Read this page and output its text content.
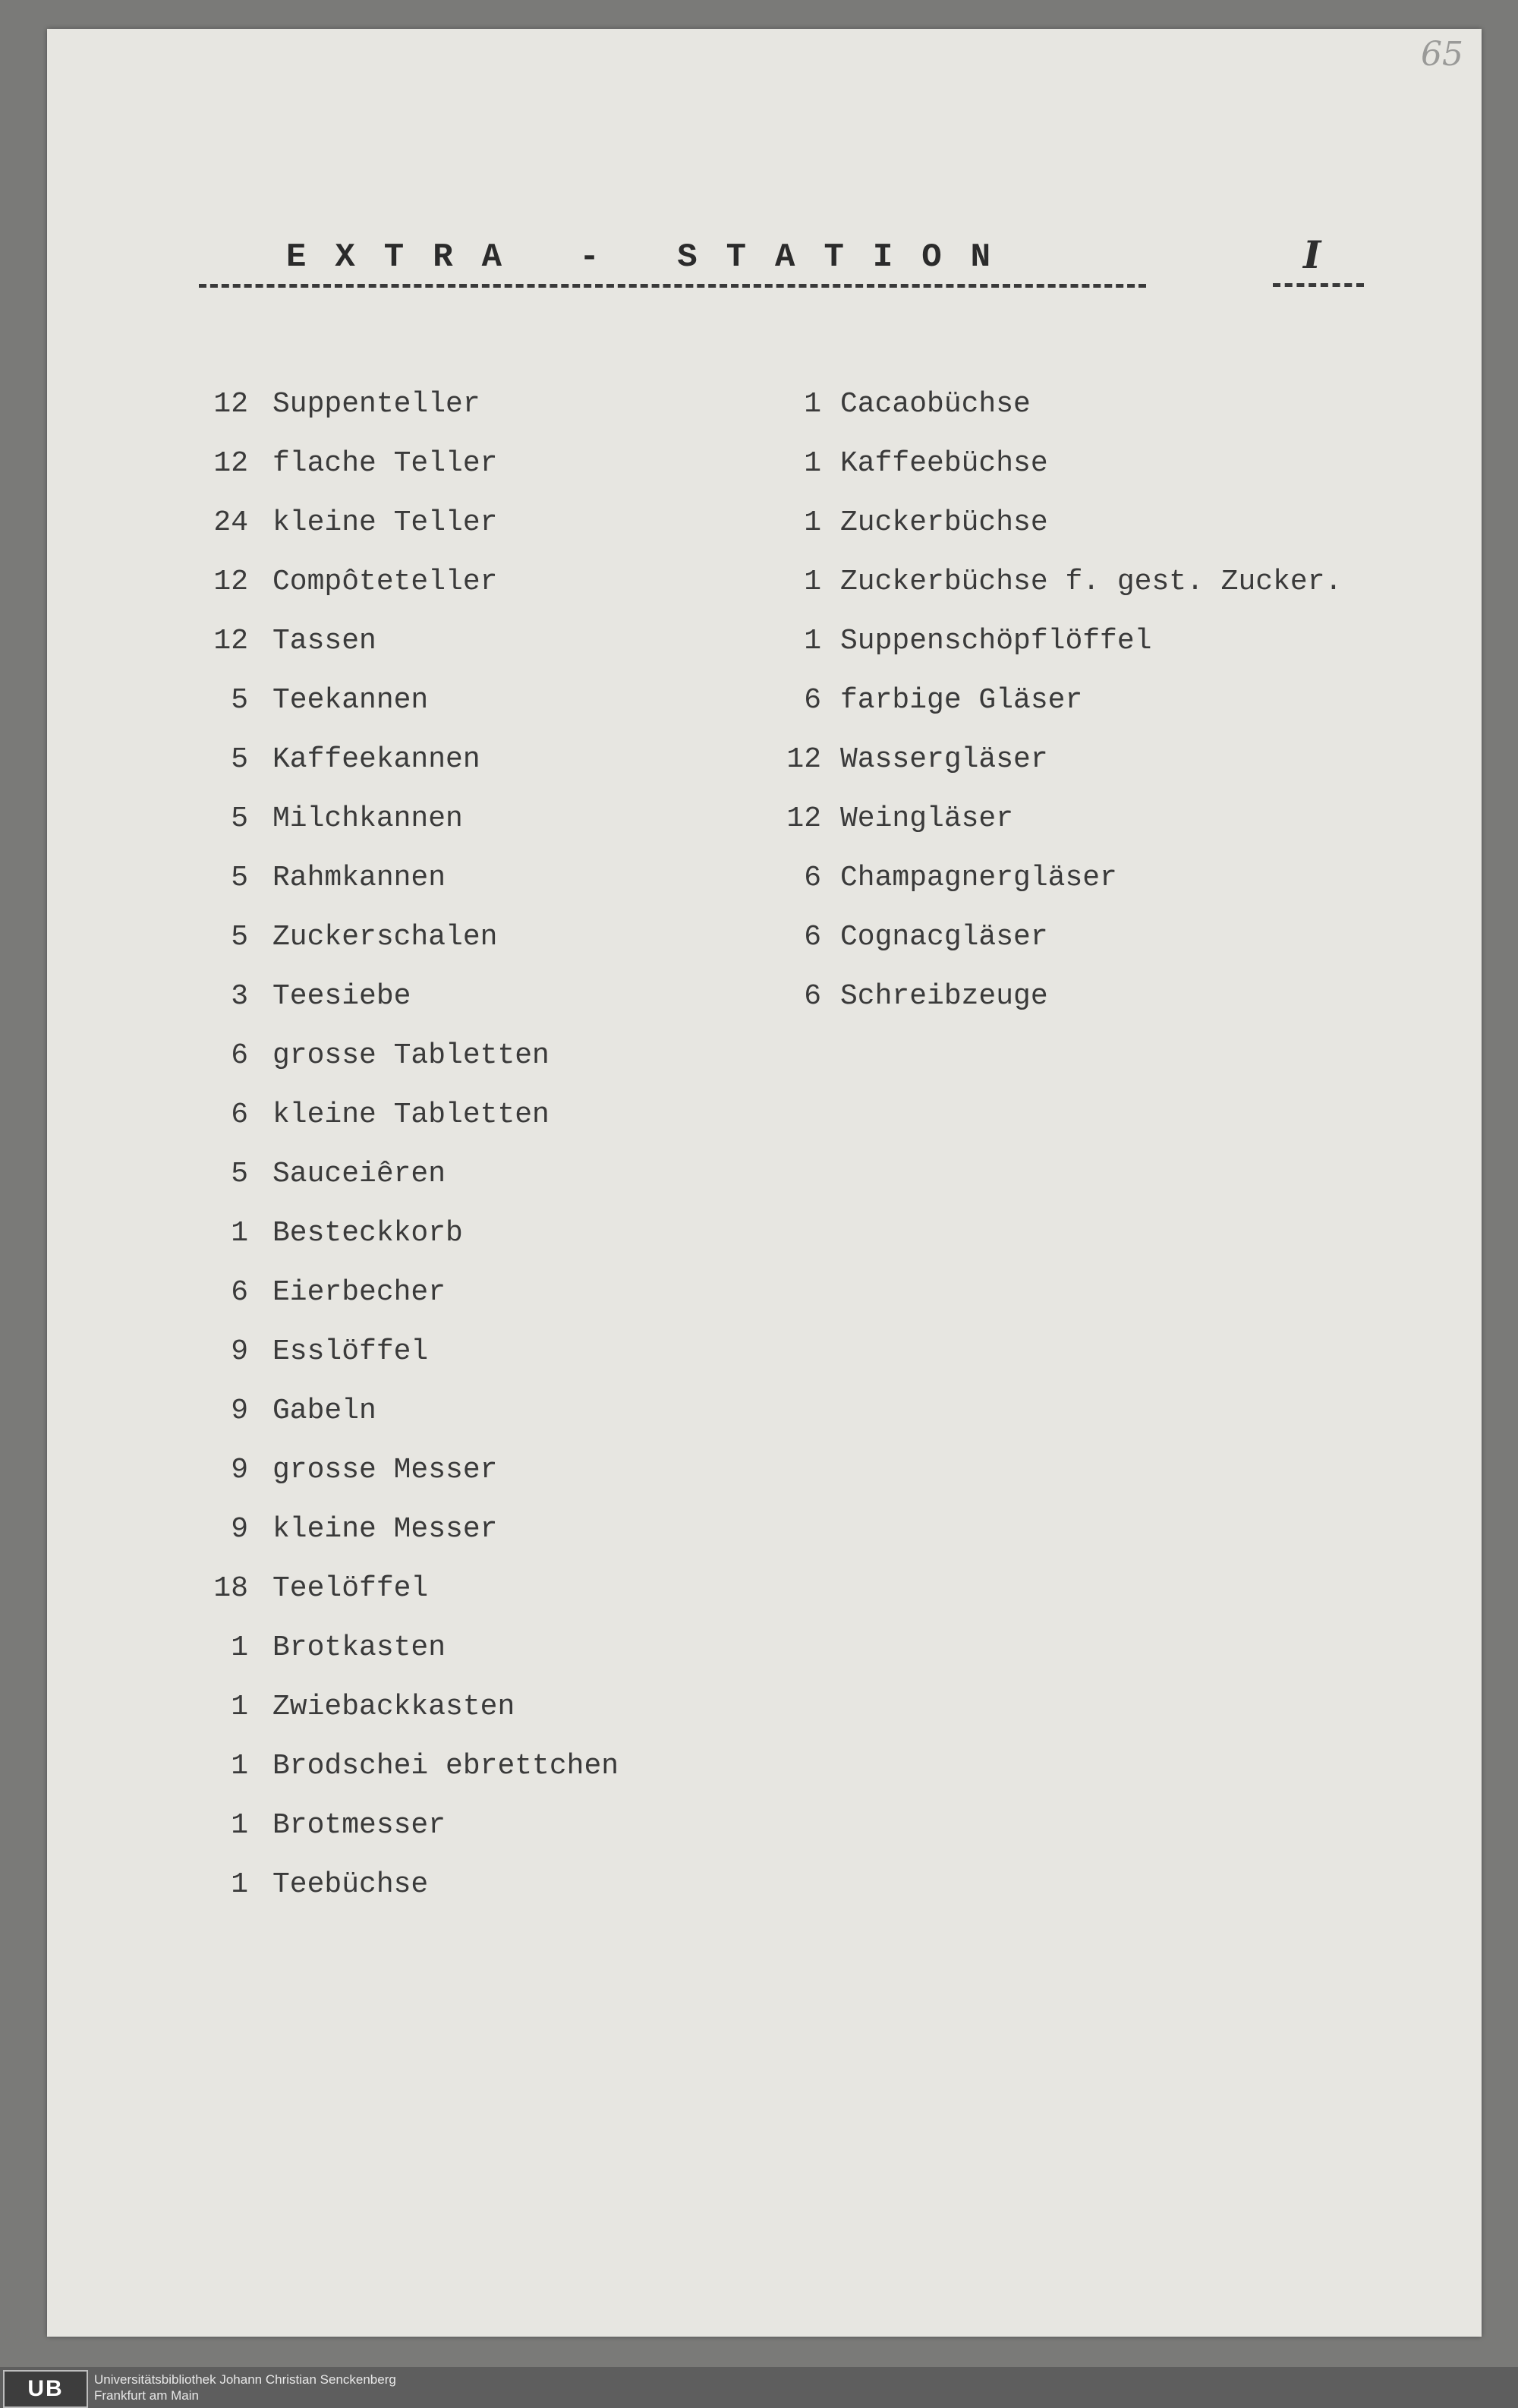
65
EXTRA - STATION	I
12 Suppenteller
12 flache Teller
24 kleine Teller
12 Compôteteller
12 Tassen
5 Teekannen
5 Kaffeekannen
5 Milchkannen
5 Rahmkannen
5 Zuckerschalen
3 Teesiebe
6 grosse Tabletten
6 kleine Tabletten
5 Sauceiêren
1 Besteckkorb
6 Eierbecher
9 Esslöffel
9 Gabeln
9 grosse Messer
9 kleine Messer
18 Teelöffel
1 Brotkasten
1 Zwiebackkasten
1 Brodschei ebrettchen
1 Brotmesser
1 Teebüchse
1 Cacaobüchse
1 Kaffeebüchse
1 Zuckerbüchse
1 Zuckerbüchse f. gest. Zucker.
1 Suppenschöpflöffel
6 farbige Gläser
12 Wassergläser
12 Weingläser
6 Champagnergläser
6 Cognacgläser
6 Schreibzeuge
UB	Universitätsbibliothek Johann Christian Senckenberg
Frankfurt am Main
